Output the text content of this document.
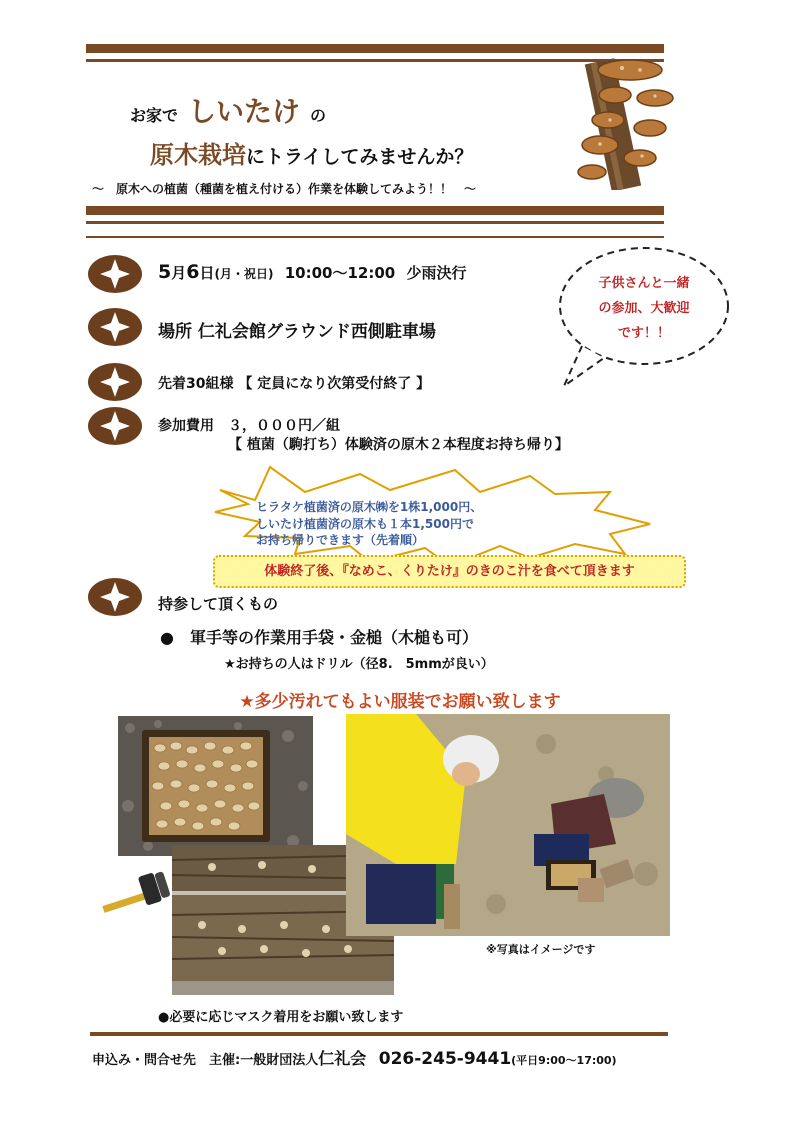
お家で しいたけ の
原木栽培にトライしてみませんか？
～　原木への植菌（種菌を植え付ける）作業を体験してみよう！！　～
5月6日(月・祝日) 10:00～12:00 少雨決行
場所 仁礼会館グラウンド西側駐車場
先着30組様 【 定員になり次第受付終了 】
参加費用　３，０００円／組
【 植菌（駒打ち）体験済の原木２本程度お持ち帰り】
子供さんと一緒
の参加、大歓迎
です！！
ヒラタケ植菌済の原木㈱を1株1,000円、
しいたけ植菌済の原木も１本1,500円で
お持ち帰りできます（先着順）
体験終了後、『なめこ、くりたけ』のきのこ汁を食べて頂きます
持参して頂くもの
●　軍手等の作業用手袋・金槌（木槌も可）
★お持ちの人はドリル（径8.　5mmが良い）
★多少汚れてもよい服装でお願い致します
※写真はイメージです
●必要に応じマスク着用をお願い致します
申込み・問合せ先　主催:一般財団法人仁礼会 026-245-9441(平日9:00～17:00)
